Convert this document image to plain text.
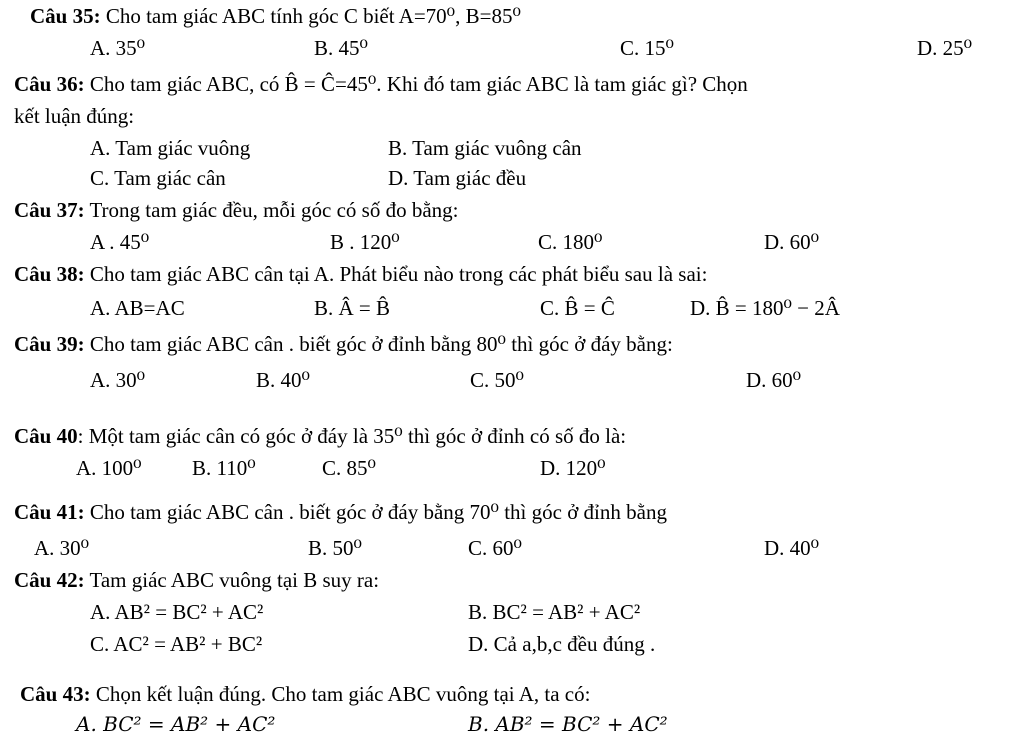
Câu 35: Cho tam giác ABC tính góc C biết A=70⁰, B=85⁰
A. 35⁰	B. 45⁰	C. 15⁰	D. 25⁰
Câu 36: Cho tam giác ABC, có B̂ = Ĉ=45⁰. Khi đó tam giác ABC là tam giác gì? Chọn
kết luận đúng:
A. Tam giác vuông	B. Tam giác vuông cân
C. Tam giác cân	D. Tam giác đều
Câu 37: Trong tam giác đều, mỗi góc có số đo bằng:
A . 45⁰	B . 120⁰	C. 180⁰	D. 60⁰
Câu 38: Cho tam giác ABC cân tại A. Phát biểu nào trong các phát biểu sau là sai:
A. AB=AC	B. Â = B̂	C. B̂ = Ĉ	D. B̂ = 180⁰ − 2Â
Câu 39: Cho tam giác ABC cân . biết góc ở đỉnh bằng 80⁰ thì góc ở đáy bằng:
A. 30⁰	B. 40⁰	C. 50⁰	D. 60⁰
Câu 40: Một tam giác cân có góc ở đáy là 35⁰ thì góc ở đỉnh có số đo là:
A. 100⁰ B. 110⁰	C. 85⁰	D. 120⁰
Câu 41: Cho tam giác ABC cân . biết góc ở đáy bằng 70⁰ thì góc ở đỉnh bằng
A. 30⁰	B. 50⁰	C. 60⁰	D. 40⁰
Câu 42: Tam giác ABC vuông tại B suy ra:
A. AB² = BC² + AC²	B. BC² = AB² + AC²
C. AC² = AB² + BC²	D. Cả a,b,c đều đúng .
Câu 43: Chọn kết luận đúng. Cho tam giác ABC vuông tại A, ta có:
A. BC² = AB² + AC²	B. AB² = BC² + AC²
